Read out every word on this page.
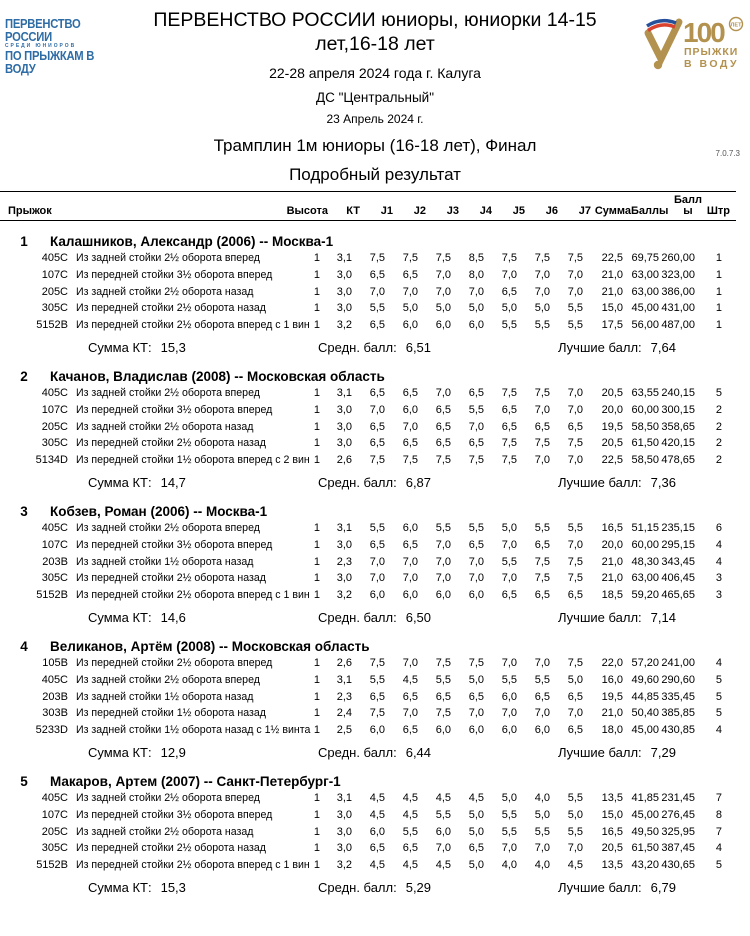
ПЕРВЕНСТВО РОССИИ
СРЕДИ ЮНИОРОВ
ПО ПРЫЖКАМ В ВОДУ
100 ЛЕТ
ПРЫЖКИ
В ВОДУ
ПЕРВЕНСТВО РОССИИ юниоры, юниорки 14-15
лет,16-18 лет
22-28 апреля 2024 года г. Калуга
ДС "Центральный"
23 Апрель 2024 г.
Трамплин 1м юниоры (16-18 лет), Финал	7.0.7.3
Подробный результат
Прыжок	Высота	КТ	J1	J2	J3	J4	J5	J6	J7 Сумма Баллы
Балл ы	Штр
1	Калашников, Александр (2006) -- Москва-1
405C Из задней стойки 2½ оборота вперед	1	3,1	7,5	7,5	7,5	8,5	7,5	7,5	7,5	22,5 69,75 260,00	1
107C Из передней стойки 3½ оборота вперед	1	3,0	6,5	6,5	7,0	8,0	7,0	7,0	7,0	21,0 63,00 323,00	1
205C Из задней стойки 2½ оборота назад	1	3,0	7,0	7,0	7,0	7,0	6,5	7,0	7,0	21,0 63,00 386,00	1
305C Из передней стойки 2½ оборота назад	1	3,0	5,5	5,0	5,0	5,0	5,0	5,0	5,5	15,0 45,00 431,00	1
5152B Из передней стойки 2½ оборота вперед с 1 вин 1	3,2	6,5	6,0	6,0	6,0	5,5	5,5	5,5	17,5 56,00 487,00	1
Сумма КТ: 15,3	Средн. балл: 6,51	Лучшие балл: 7,64
2	Качанов, Владислав (2008) -- Московская область
405C Из задней стойки 2½ оборота вперед	1	3,1	6,5	6,5	7,0	6,5	7,5	7,5	7,0	20,5 63,55 240,15	5
107C Из передней стойки 3½ оборота вперед	1	3,0	7,0	6,0	6,5	5,5	6,5	7,0	7,0	20,0 60,00 300,15	2
205C Из задней стойки 2½ оборота назад	1	3,0	6,5	7,0	6,5	7,0	6,5	6,5	6,5	19,5 58,50 358,65	2
305C Из передней стойки 2½ оборота назад	1	3,0	6,5	6,5	6,5	6,5	7,5	7,5	7,5	20,5 61,50 420,15	2
5134D Из передней стойки 1½ оборота вперед с 2 вин 1	2,6	7,5	7,5	7,5	7,5	7,5	7,0	7,0	22,5 58,50 478,65	2
Сумма КТ: 14,7	Средн. балл: 6,87	Лучшие балл: 7,36
3	Кобзев, Роман (2006) -- Москва-1
405C Из задней стойки 2½ оборота вперед	1	3,1	5,5	6,0	5,5	5,5	5,0	5,5	5,5	16,5 51,15 235,15	6
107C Из передней стойки 3½ оборота вперед	1	3,0	6,5	6,5	7,0	6,5	7,0	6,5	7,0	20,0 60,00 295,15	4
203B Из задней стойки 1½ оборота назад	1	2,3	7,0	7,0	7,0	7,0	5,5	7,5	7,5	21,0 48,30 343,45	4
305C Из передней стойки 2½ оборота назад	1	3,0	7,0	7,0	7,0	7,0	7,0	7,5	7,5	21,0 63,00 406,45	3
5152B Из передней стойки 2½ оборота вперед с 1 вин 1	3,2	6,0	6,0	6,0	6,0	6,5	6,5	6,5	18,5 59,20 465,65	3
Сумма КТ: 14,6	Средн. балл: 6,50	Лучшие балл: 7,14
4	Великанов, Артём (2008) -- Московская область
105B Из передней стойки 2½ оборота вперед	1	2,6	7,5	7,0	7,5	7,5	7,0	7,0	7,5	22,0 57,20 241,00	4
405C Из задней стойки 2½ оборота вперед	1	3,1	5,5	4,5	5,5	5,0	5,5	5,5	5,0	16,0 49,60 290,60	5
203B Из задней стойки 1½ оборота назад	1	2,3	6,5	6,5	6,5	6,5	6,0	6,5	6,5	19,5 44,85 335,45	5
303B Из передней стойки 1½ оборота назад	1	2,4	7,5	7,0	7,5	7,0	7,0	7,0	7,0	21,0 50,40 385,85	5
5233D Из задней стойки 1½ оборота назад с 1½ винта 1	2,5	6,0	6,5	6,0	6,0	6,0	6,0	6,5	18,0 45,00 430,85	4
Сумма КТ: 12,9	Средн. балл: 6,44	Лучшие балл: 7,29
5	Макаров, Артем (2007) -- Санкт-Петербург-1
405C Из задней стойки 2½ оборота вперед	1	3,1	4,5	4,5	4,5	4,5	5,0	4,0	5,5	13,5 41,85 231,45	7
107C Из передней стойки 3½ оборота вперед	1	3,0	4,5	4,5	5,5	5,0	5,5	5,0	5,0	15,0 45,00 276,45	8
205C Из задней стойки 2½ оборота назад	1	3,0	6,0	5,5	6,0	5,0	5,5	5,5	5,5	16,5 49,50 325,95	7
305C Из передней стойки 2½ оборота назад	1	3,0	6,5	6,5	7,0	6,5	7,0	7,0	7,0	20,5 61,50 387,45	4
5152B Из передней стойки 2½ оборота вперед с 1 вин 1	3,2	4,5	4,5	4,5	5,0	4,0	4,0	4,5	13,5 43,20 430,65	5
Сумма КТ: 15,3	Средн. балл: 5,29	Лучшие балл: 6,79
